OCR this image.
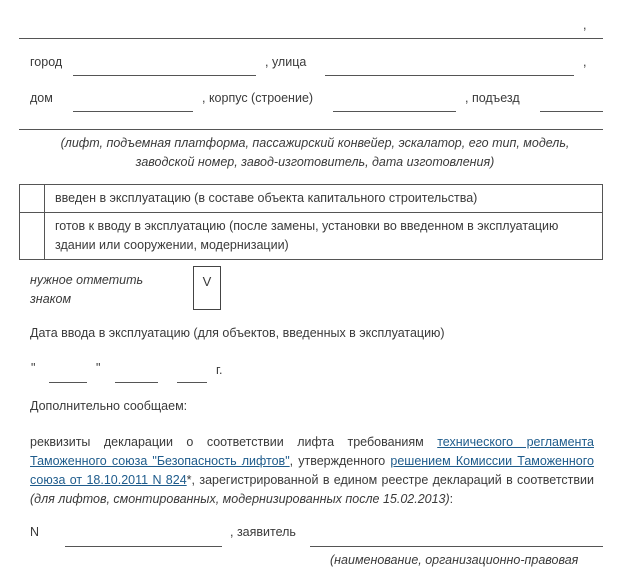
,
город	, улица	,
дом	, корпус (строение)	, подъезд
(лифт, подъемная платформа, пассажирский конвейер, эскалатор, его тип, модель, заводской номер, завод-изготовитель, дата изготовления)
	введен в эксплуатацию (в составе объекта капитального строительства)
	готов к вводу в эксплуатацию (после замены, установки во введенном в эксплуатацию здании или сооружении, модернизации)
нужное отметить знаком
V
Дата ввода в эксплуатацию (для объектов, введенных в эксплуатацию)
"	"	г.
Дополнительно сообщаем:
реквизиты декларации о соответствии лифта требованиям технического регламента Таможенного союза "Безопасность лифтов", утвержденного решением Комиссии Таможенного союза от 18.10.2011 N 824*, зарегистрированной в едином реестре деклараций в соответствии (для лифтов, смонтированных, модернизированных после 15.02.2013):
N	, заявитель
(наименование, организационно-правовая
